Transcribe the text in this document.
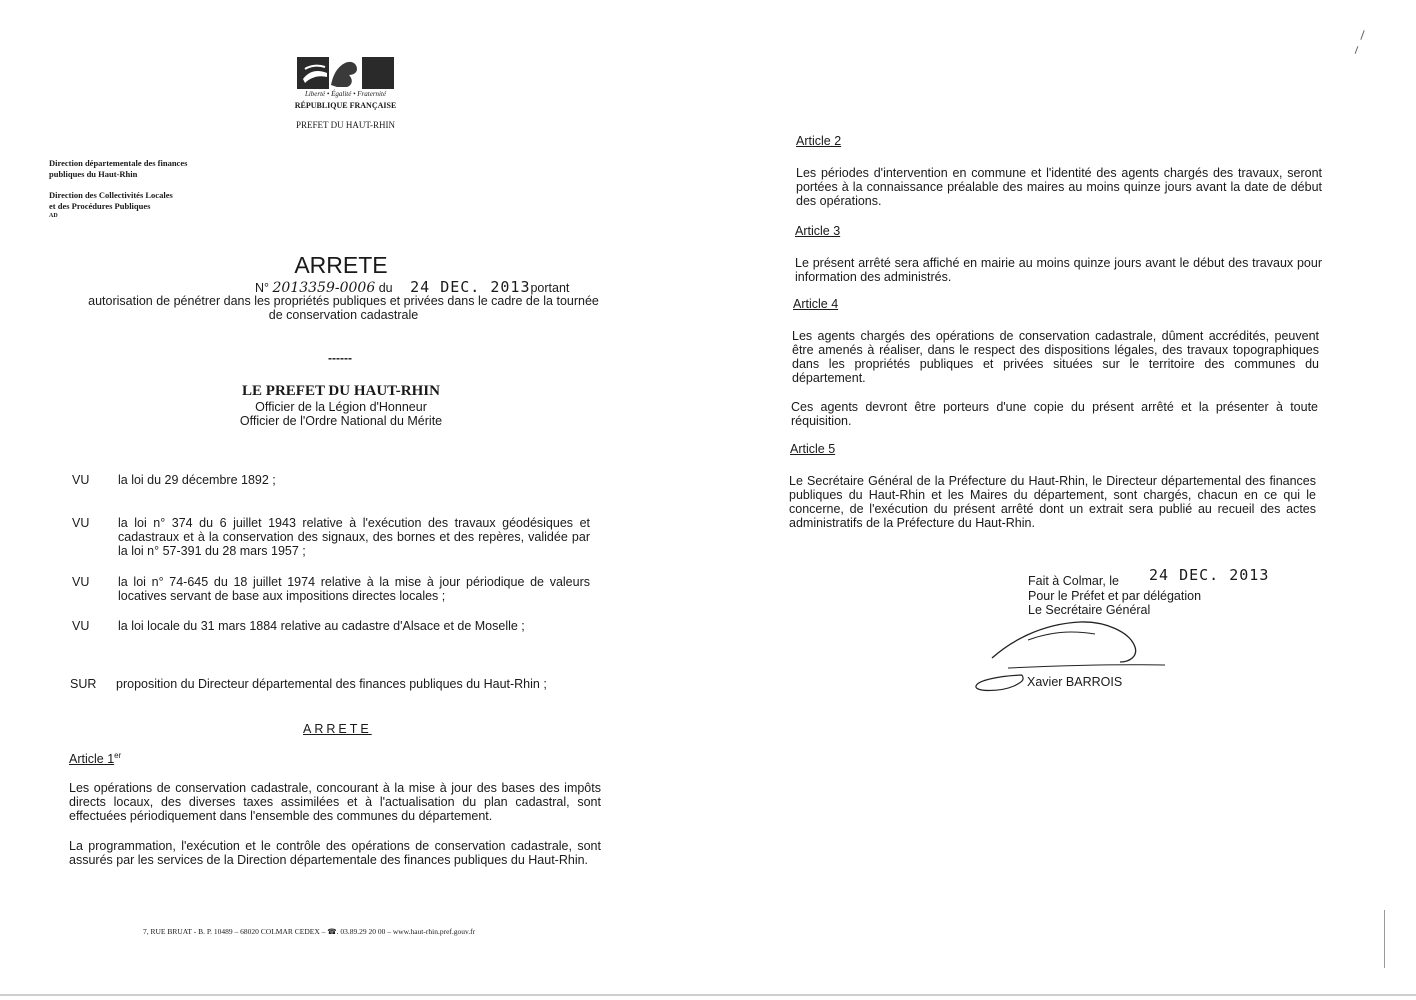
Liberté • Égalité • Fraternité
RÉPUBLIQUE FRANÇAISE
PREFET DU HAUT-RHIN
Direction départementale des finances
publiques du Haut-Rhin
Direction des Collectivités Locales
et des Procédures Publiques
AD
ARRETE
N° 2013359-0006 du 24 DEC. 2013portant
autorisation de pénétrer dans les propriétés publiques et privées dans le cadre de la tournée
de conservation cadastrale
------
LE PREFET DU HAUT-RHIN
Officier de la Légion d'Honneur
Officier de l'Ordre National du Mérite
VU la loi du 29 décembre 1892 ;
VU la loi n° 374 du 6 juillet 1943 relative à l'exécution des travaux géodésiques et cadastraux et à la conservation des signaux, des bornes et des repères, validée par la loi n° 57-391 du 28 mars 1957 ;
VU la loi n° 74-645 du 18 juillet 1974 relative à la mise à jour périodique de valeurs locatives servant de base aux impositions directes locales ;
VU la loi locale du 31 mars 1884 relative au cadastre d'Alsace et de Moselle ;
SUR proposition du Directeur départemental des finances publiques du Haut-Rhin ;
ARRETE
Article 1er

Les opérations de conservation cadastrale, concourant à la mise à jour des bases des impôts directs locaux, des diverses taxes assimilées et à l'actualisation du plan cadastral, sont effectuées périodiquement dans l'ensemble des communes du département.

La programmation, l'exécution et le contrôle des opérations de conservation cadastrale, sont assurés par les services de la Direction départementale des finances publiques du Haut-Rhin.

7, RUE BRUAT - B. P. 10489 – 68020 COLMAR CEDEX – ☎. 03.89.29 20 00 – www.haut-rhin.pref.gouv.fr
Article 2

Les périodes d'intervention en commune et l'identité des agents chargés des travaux, seront portées à la connaissance préalable des maires au moins quinze jours avant la date de début des opérations.

Article 3

Le présent arrêté sera affiché en mairie au moins quinze jours avant le début des travaux pour information des administrés.

Article 4

Les agents chargés des opérations de conservation cadastrale, dûment accrédités, peuvent être amenés à réaliser, dans le respect des dispositions légales, des travaux topographiques dans les propriétés publiques et privées situées sur le territoire des communes du département.

Ces agents devront être porteurs d'une copie du présent arrêté et la présenter à toute réquisition.

Article 5

Le Secrétaire Général de la Préfecture du Haut-Rhin, le Directeur départemental des finances publiques du Haut-Rhin et les Maires du département, sont chargés, chacun en ce qui le concerne, de l'exécution du présent arrêté dont un extrait sera publié au recueil des actes administratifs de la Préfecture du Haut-Rhin.

Fait à Colmar, le 24 DEC. 2013
Pour le Préfet et par délégation
Le Secrétaire Général
Xavier BARROIS
